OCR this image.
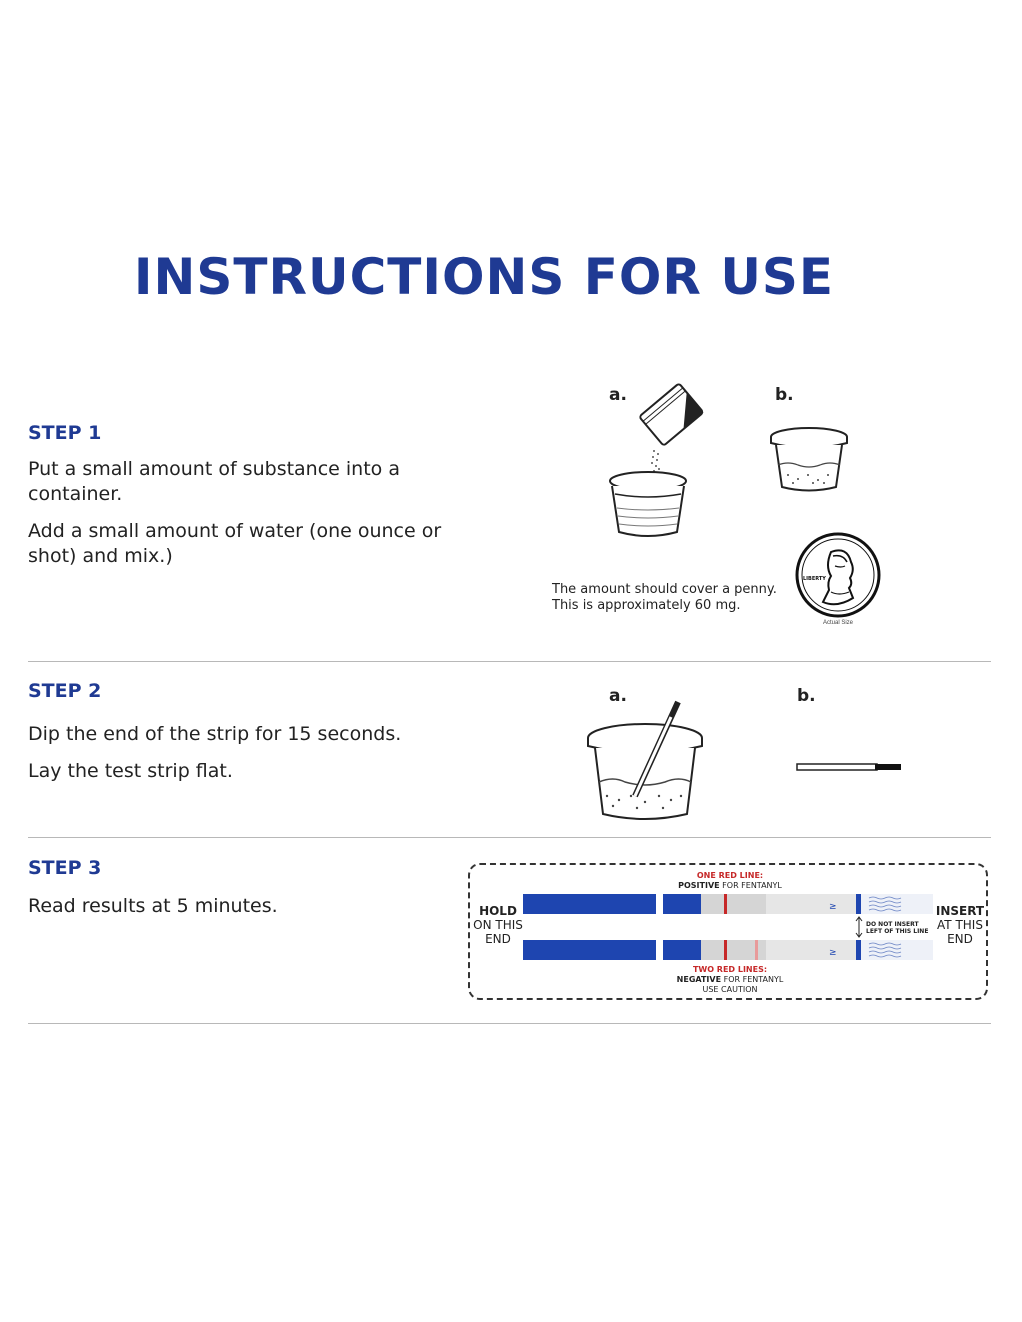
INSTRUCTIONS FOR USE
STEP 1
Put a small amount of substance into a container.
Add a small amount of water (one ounce or shot) and mix.)
a.	b.
LIBERTY
Actual Size
The amount should cover a penny.
This is approximately 60 mg.
STEP 2
Dip the end of the strip for 15 seconds.
Lay the test strip flat.
a.	b.
STEP 3
Read results at 5 minutes.
ONE RED LINE:
POSITIVE FOR FENTANYL
HOLD
ON THIS
END
INSERT
AT THIS
END
≥
≥
DO NOT INSERT
LEFT OF THIS LINE
TWO RED LINES:
NEGATIVE FOR FENTANYL
USE CAUTION
